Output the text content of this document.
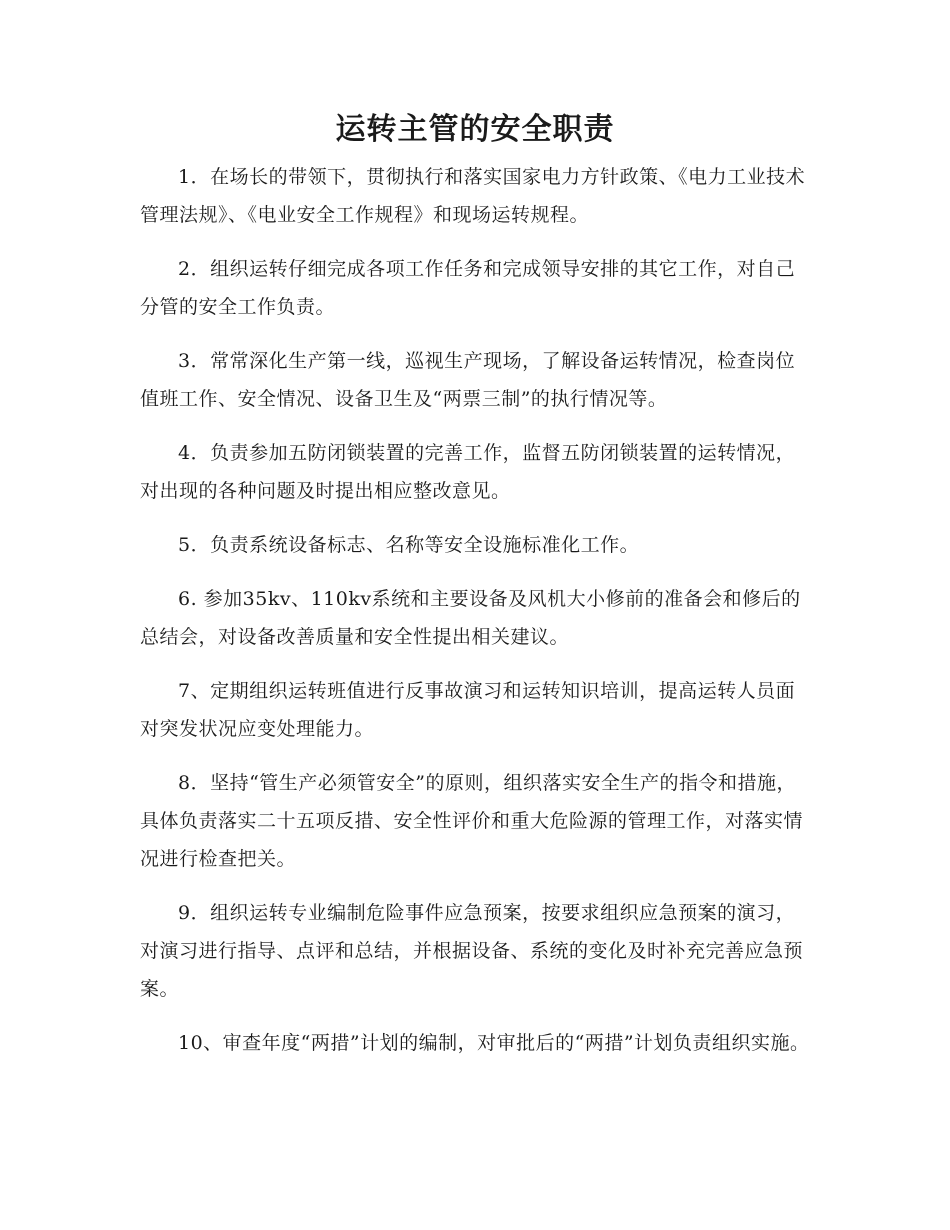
运转主管的安全职责

1．在场长的带领下，贯彻执行和落实国家电力方针政策、《电力工业技术管理法规》、《电业安全工作规程》和现场运转规程。

2．组织运转仔细完成各项工作任务和完成领导安排的其它工作，对自己分管的安全工作负责。

3．常常深化生产第一线，巡视生产现场，了解设备运转情况，检查岗位值班工作、安全情况、设备卫生及“两票三制”的执行情况等。

4．负责参加五防闭锁装置的完善工作，监督五防闭锁装置的运转情况，对出现的各种问题及时提出相应整改意见。

5．负责系统设备标志、名称等安全设施标准化工作。

6. 参加35kv、110kv系统和主要设备及风机大小修前的准备会和修后的总结会，对设备改善质量和安全性提出相关建议。

7、定期组织运转班值进行反事故演习和运转知识培训，提高运转人员面对突发状况应变处理能力。

8．坚持“管生产必须管安全”的原则，组织落实安全生产的指令和措施，具体负责落实二十五项反措、安全性评价和重大危险源的管理工作，对落实情况进行检查把关。

9．组织运转专业编制危险事件应急预案，按要求组织应急预案的演习，对演习进行指导、点评和总结，并根据设备、系统的变化及时补充完善应急预案。

10、审查年度“两措”计划的编制，对审批后的“两措”计划负责组织实施。
